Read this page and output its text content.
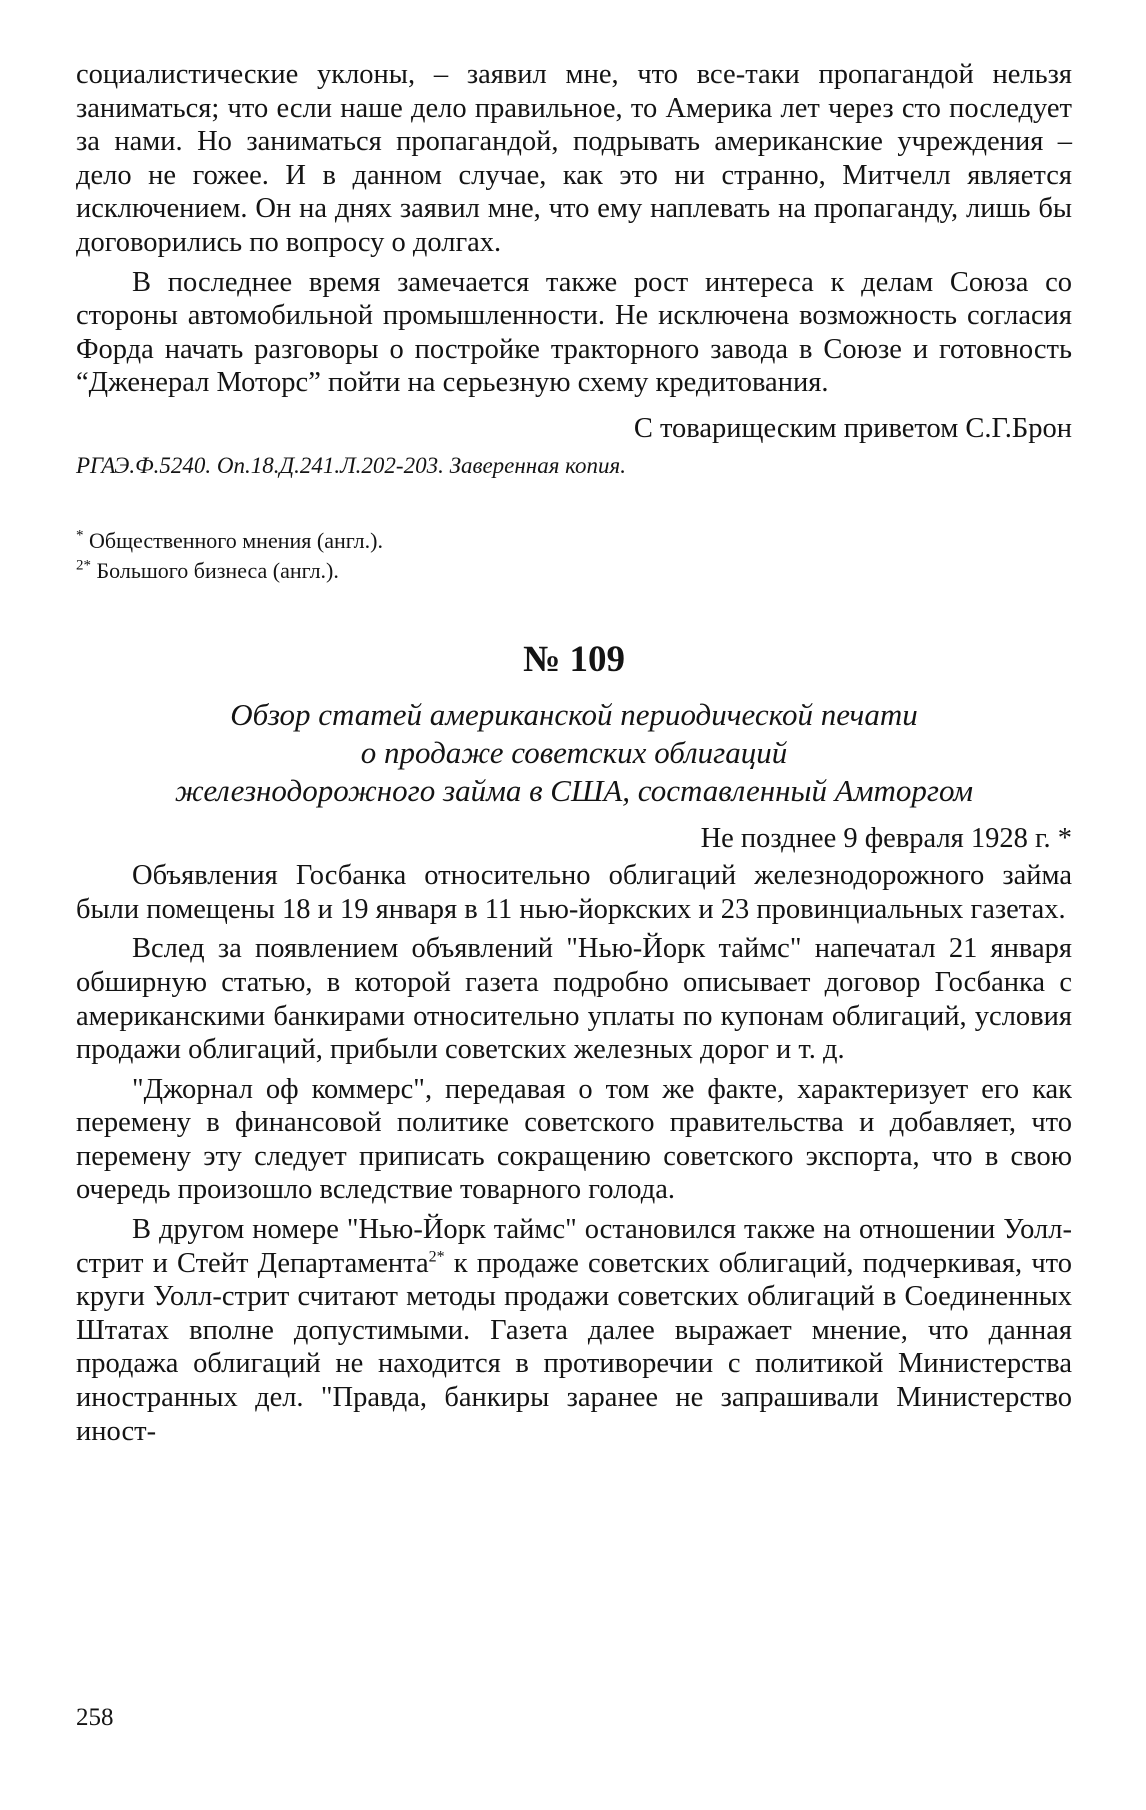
социалистические уклоны, – заявил мне, что все-таки пропагандой нельзя заниматься; что если наше дело правильное, то Америка лет через сто последует за нами. Но заниматься пропагандой, подрывать американские учреждения – дело не гожее. И в данном случае, как это ни странно, Митчелл является исключением. Он на днях заявил мне, что ему наплевать на пропаганду, лишь бы договорились по вопросу о долгах.

В последнее время замечается также рост интереса к делам Союза со стороны автомобильной промышленности. Не исключена возможность согласия Форда начать разговоры о постройке тракторного завода в Союзе и готовность “Дженерал Моторс” пойти на серьезную схему кредитования.

С товарищеским приветом С.Г.Брон
РГАЭ.Ф.5240. Оп.18.Д.241.Л.202-203. Заверенная копия.
* Общественного мнения (англ.).
$^{2*}$ Большого бизнеса (англ.).
№ 109
Обзор статей американской периодической печати
о продаже советских облигаций
железнодорожного займа в США, составленный Амторгом
Не позднее 9 февраля 1928 г. *

Объявления Госбанка относительно облигаций железнодорожного займа были помещены 18 и 19 января в 11 нью-йоркских и 23 провинциальных газетах.

Вслед за появлением объявлений "Нью-Йорк таймс" напечатал 21 января обширную статью, в которой газета подробно описывает договор Госбанка с американскими банкирами относительно уплаты по купонам облигаций, условия продажи облигаций, прибыли советских железных дорог и т. д.

"Джорнал оф коммерс", передавая о том же факте, характеризует его как перемену в финансовой политике советского правительства и добавляет, что перемену эту следует приписать сокращению советского экспорта, что в свою очередь произошло вследствие товарного голода.

В другом номере "Нью-Йорк таймс" остановился также на отношении Уолл-стрит и Стейт Департамента$^{2*}$ к продаже советских облигаций, подчеркивая, что круги Уолл-стрит считают методы продажи советских облигаций в Соединенных Штатах вполне допустимыми. Газета далее выражает мнение, что данная продажа облигаций не находится в противоречии с политикой Министерства иностранных дел. "Правда, банкиры заранее не запрашивали Министерство иност-

258
